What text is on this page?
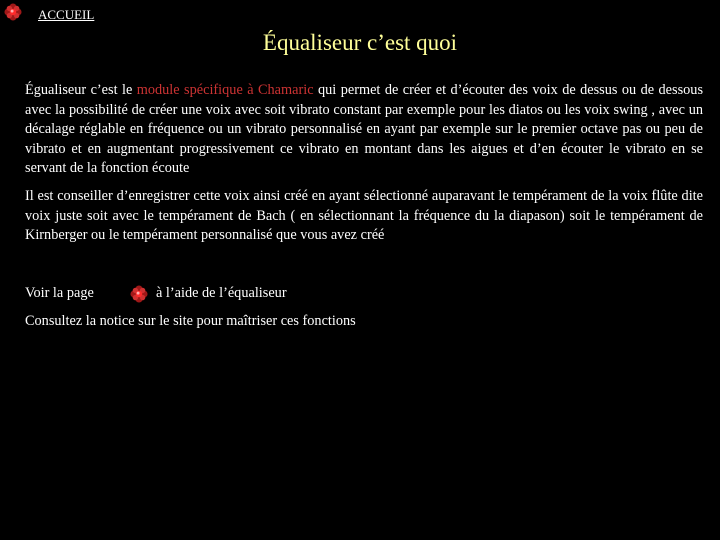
ACCUEIL
Équaliseur c’est quoi

Égualiseur c’est le module spécifique à Chamaric qui permet de créer et d’écouter des voix de dessus ou de dessous avec la possibilité de créer une voix avec soit vibrato constant par exemple pour les diatos ou les voix swing , avec un décalage réglable en fréquence ou un vibrato personnalisé en ayant par exemple sur le premier octave pas ou peu de vibrato et en augmentant progressivement ce vibrato en montant dans les aigues et d’en écouter le vibrato en se servant de la fonction écoute

Il est conseiller d’enregistrer cette voix ainsi créé en ayant sélectionné auparavant le tempérament de la voix flûte dite voix juste soit avec le tempérament de Bach ( en sélectionnant la fréquence du la diapason) soit le tempérament de Kirnberger ou le tempérament personnalisé que vous avez créé

Voir la page	à l’aide de l’équaliseur
Consultez la notice sur le site pour maîtriser ces fonctions
